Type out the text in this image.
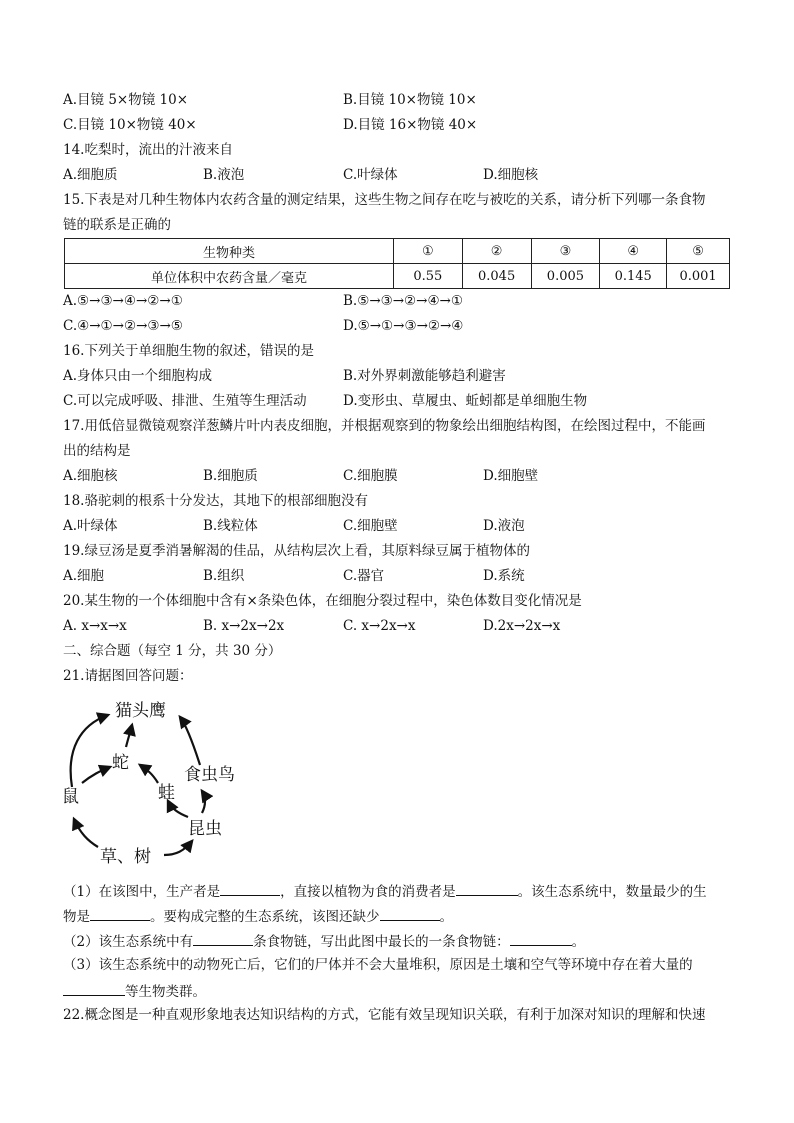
A.目镜 5×物镜 10×	B.目镜 10×物镜 10×
C.目镜 10×物镜 40×	D.目镜 16×物镜 40×
14.吃梨时，流出的汁液来自
A.细胞质	B.液泡	C.叶绿体	D.细胞核
15.下表是对几种生物体内农药含量的测定结果，这些生物之间存在吃与被吃的关系，请分析下列哪一条食物
链的联系是正确的
生物种类	①	②	③	④	⑤
单位体积中农药含量／毫克	0.55	0.045	0.005	0.145	0.001
A.⑤→③→④→②→①	B.⑤→③→②→④→①
C.④→①→②→③→⑤	D.⑤→①→③→②→④
16.下列关于单细胞生物的叙述，错误的是
A.身体只由一个细胞构成	B.对外界刺激能够趋利避害
C.可以完成呼吸、排泄、生殖等生理活动	D.变形虫、草履虫、蚯蚓都是单细胞生物
17.用低倍显微镜观察洋葱鳞片叶内表皮细胞，并根据观察到的物象绘出细胞结构图，在绘图过程中，不能画
出的结构是
A.细胞核	B.细胞质	C.细胞膜	D.细胞壁
18.骆驼刺的根系十分发达，其地下的根部细胞没有
A.叶绿体	B.线粒体	C.细胞壁	D.液泡
19.绿豆汤是夏季消暑解渴的佳品，从结构层次上看，其原料绿豆属于植物体的
A.细胞	B.组织	C.器官	D.系统
20.某生物的一个体细胞中含有×条染色体，在细胞分裂过程中，染色体数目变化情况是
A. x→x→x	B. x→2x→2x	C. x→2x→x	D.2x→2x→x
二、综合题（每空 1 分，共 30 分）
21.请据图回答问题：
猫头鹰
蛇
食虫鸟
蛙
鼠
昆虫
草、树
（1）在该图中，生产者是	，直接以植物为食的消费者是	。该生态系统中，数量最少的生
物是	。要构成完整的生态系统，该图还缺少	。
（2）该生态系统中有	条食物链，写出此图中最长的一条食物链：	。
（3）该生态系统中的动物死亡后，它们的尸体并不会大量堆积，原因是土壤和空气等环境中存在着大量的
等生物类群。
22.概念图是一种直观形象地表达知识结构的方式，它能有效呈现知识关联，有利于加深对知识的理解和快速
